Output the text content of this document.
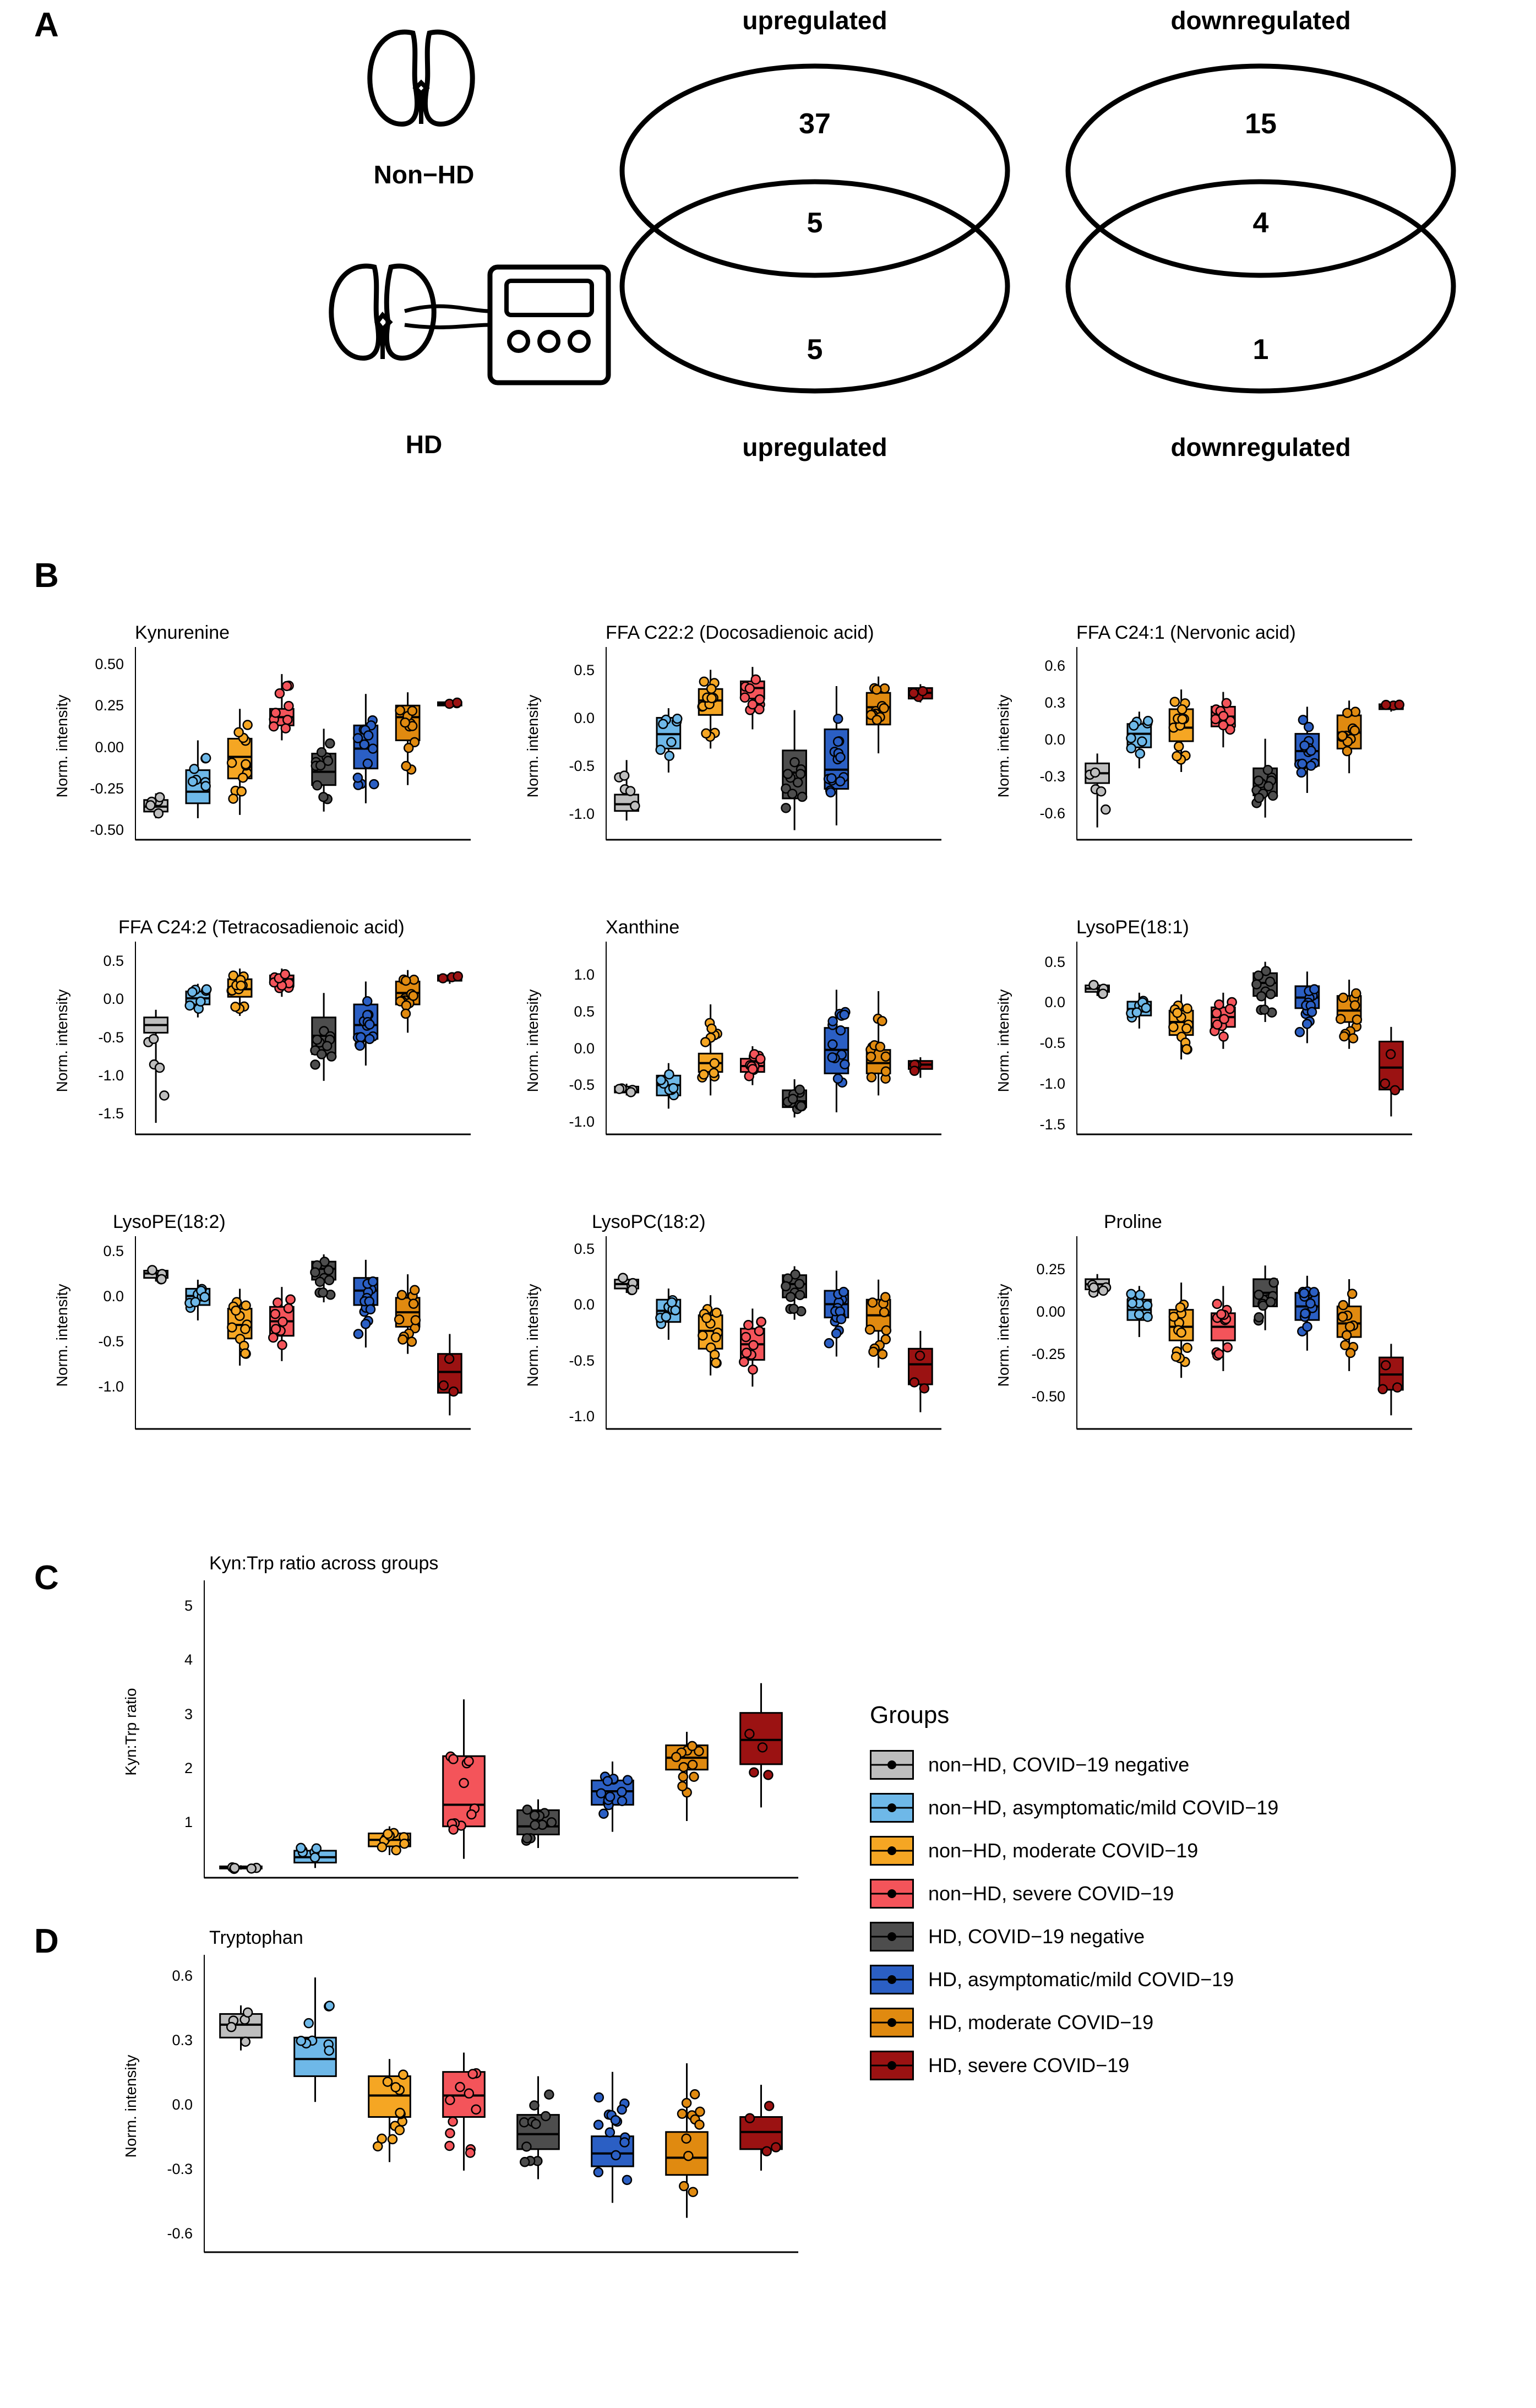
A
Non−HD
HD
upregulated
37
5
5
upregulated
downregulated
15
4
1
downregulated
B
C
D
Kynurenine
Norm. intensity
-0.50
-0.25
0.00
0.25
0.50
FFA C22:2 (Docosadienoic acid)
Norm. intensity
-1.0
-0.5
0.0
0.5
FFA C24:1 (Nervonic acid)
Norm. intensity
-0.6
-0.3
0.0
0.3
0.6
FFA C24:2 (Tetracosadienoic acid)
Norm. intensity
-1.5
-1.0
-0.5
0.0
0.5
Xanthine
Norm. intensity
-1.0
-0.5
0.0
0.5
1.0
LysoPE(18:1)
Norm. intensity
-1.5
-1.0
-0.5
0.0
0.5
LysoPE(18:2)
Norm. intensity	-1.0
-0.5
0.0
0.5
LysoPC(18:2)
Norm. intensity
-1.0
-0.5
0.0
0.5
Proline
Norm. intensity
-0.50
-0.25
0.00
0.25
Kyn:Trp ratio across groups
Kyn:Trp ratio
1
2
3
4
5
Tryptophan
Norm. intensity
-0.6
-0.3
0.0
0.3
0.6
Groups
non−HD, COVID−19 negative
non−HD, asymptomatic/mild COVID−19
non−HD, moderate COVID−19
non−HD, severe COVID−19
HD, COVID−19 negative
HD, asymptomatic/mild COVID−19
HD, moderate COVID−19
HD, severe COVID−19
